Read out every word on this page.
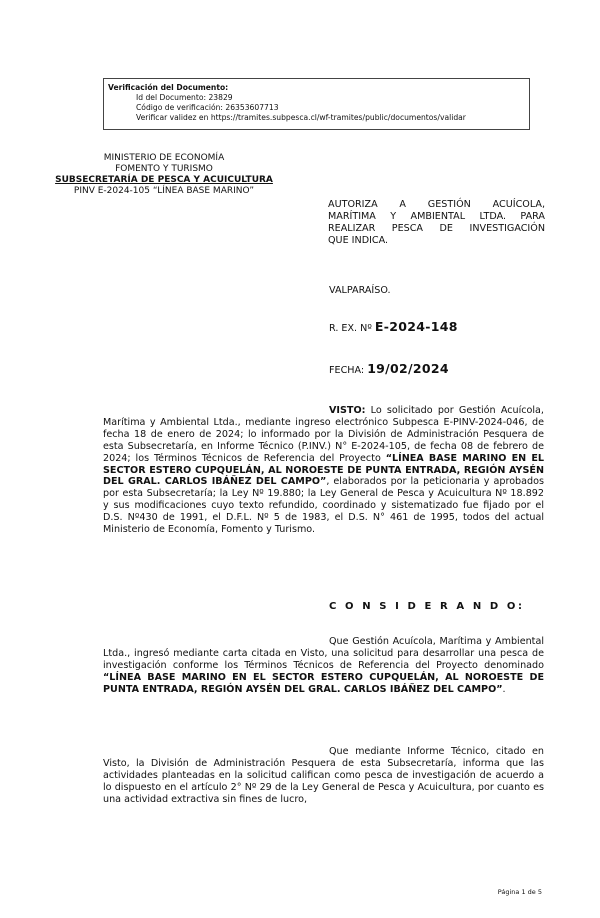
Verificación del Documento:
• Id del Documento: 23829
• Código de verificación: 26353607713
• Verificar validez en https://tramites.subpesca.cl/wf-tramites/public/documentos/validar
MINISTERIO DE ECONOMÍA
FOMENTO Y TURISMO
SUBSECRETARÍA DE PESCA Y ACUICULTURA
PINV E-2024-105 “LÍNEA BASE MARINO”
AUTORIZA A GESTIÓN ACUÍCOLA,
MARÍTIMA Y AMBIENTAL LTDA. PARA
REALIZAR PESCA DE INVESTIGACIÓN
QUE INDICA.
VALPARAÍSO.
R. EX. Nº E-2024-148
FECHA: 19/02/2024
VISTO: Lo solicitado por Gestión Acuícola, Marítima y Ambiental Ltda., mediante ingreso electrónico Subpesca E-PINV-2024-046, de fecha 18 de enero de 2024; lo informado por la División de Administración Pesquera de esta Subsecretaría, en Informe Técnico (P.INV.) N° E-2024-105, de fecha 08 de febrero de 2024; los Términos Técnicos de Referencia del Proyecto “LÍNEA BASE MARINO EN EL SECTOR ESTERO CUPQUELÁN, AL NOROESTE DE PUNTA ENTRADA, REGIÓN AYSÉN DEL GRAL. CARLOS IBÁÑEZ DEL CAMPO”, elaborados por la peticionaria y aprobados por esta Subsecretaría; la Ley Nº 19.880; la Ley General de Pesca y Acuicultura Nº 18.892 y sus modificaciones cuyo texto refundido, coordinado y sistematizado fue fijado por el D.S. Nº430 de 1991, el D.F.L. Nº 5 de 1983, el D.S. N° 461 de 1995, todos del actual Ministerio de Economía, Fomento y Turismo.
C O N S I D E R A N D O:
Que Gestión Acuícola, Marítima y Ambiental Ltda., ingresó mediante carta citada en Visto, una solicitud para desarrollar una pesca de investigación conforme los Términos Técnicos de Referencia del Proyecto denominado “LÍNEA BASE MARINO EN EL SECTOR ESTERO CUPQUELÁN, AL NOROESTE DE PUNTA ENTRADA, REGIÓN AYSÉN DEL GRAL. CARLOS IBÁÑEZ DEL CAMPO”.
Que mediante Informe Técnico, citado en Visto, la División de Administración Pesquera de esta Subsecretaría, informa que las actividades planteadas en la solicitud califican como pesca de investigación de acuerdo a lo dispuesto en el artículo 2° Nº 29 de la Ley General de Pesca y Acuicultura, por cuanto es una actividad extractiva sin fines de lucro,
Página 1 de 5
